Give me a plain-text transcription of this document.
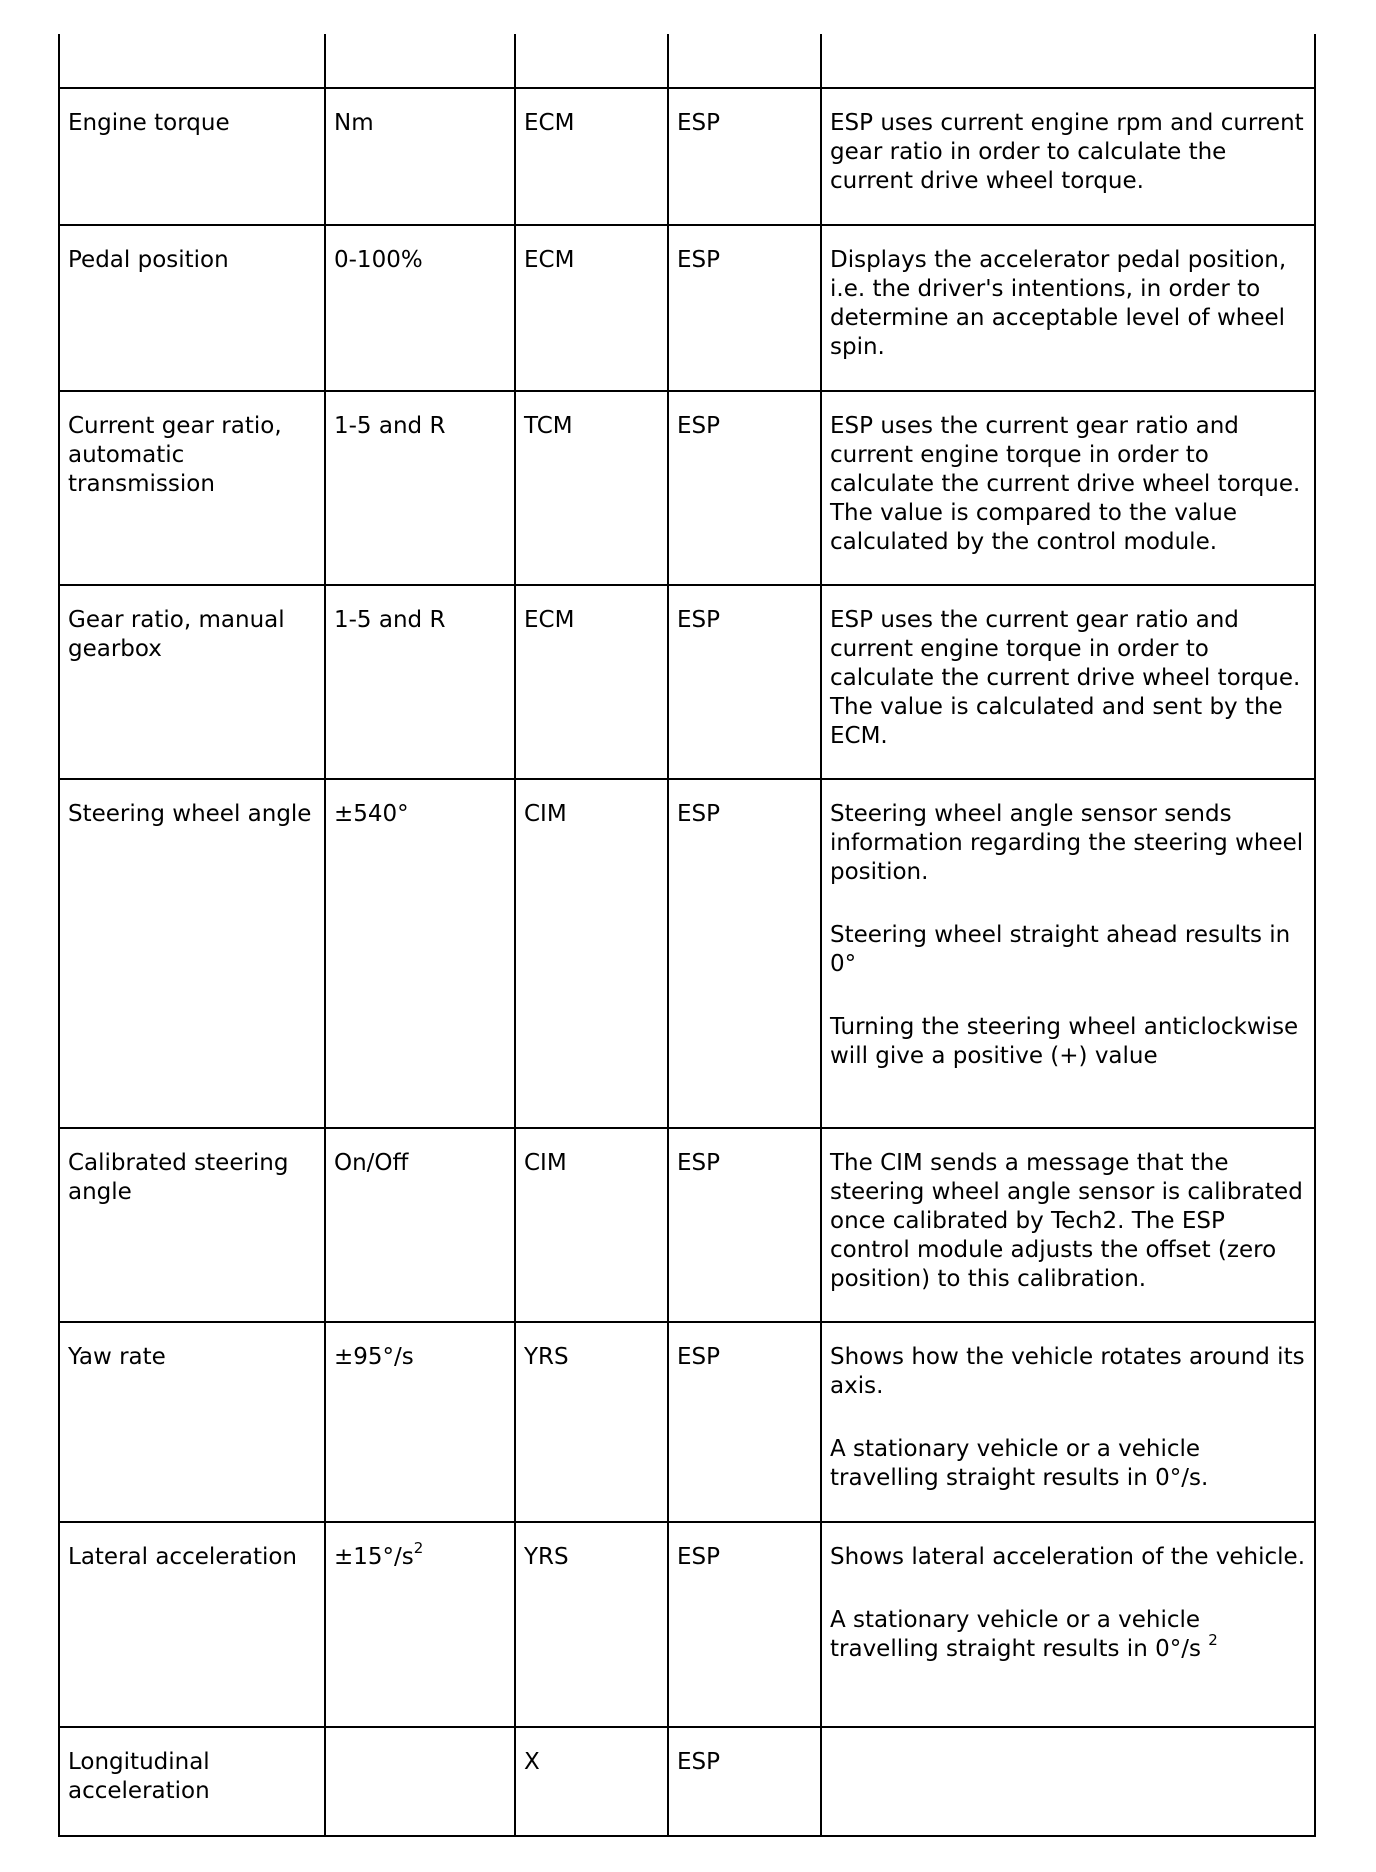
Engine torque	Nm	ECM	ESP	ESP uses current engine rpm and current gear ratio in order to calculate the current drive wheel torque.

Pedal position	0-100%	ECM	ESP	Displays the accelerator pedal position, i.e. the driver's intentions, in order to determine an acceptable level of wheel spin.

Current gear ratio, automatic transmission	1-5 and R	TCM	ESP	ESP uses the current gear ratio and current engine torque in order to calculate the current drive wheel torque. The value is compared to the value calculated by the control module.

Gear ratio, manual gearbox	1-5 and R	ECM	ESP	ESP uses the current gear ratio and current engine torque in order to calculate the current drive wheel torque. The value is calculated and sent by the ECM.

Steering wheel angle	±540°	CIM	ESP	Steering wheel angle sensor sends information regarding the steering wheel position.

Steering wheel straight ahead results in 0°

Turning the steering wheel anticlockwise will give a positive (+) value

Calibrated steering angle	On/Off	CIM	ESP	The CIM sends a message that the steering wheel angle sensor is calibrated once calibrated by Tech2. The ESP control module adjusts the offset (zero position) to this calibration.

Yaw rate	±95°/s	YRS	ESP	Shows how the vehicle rotates around its axis.

A stationary vehicle or a vehicle travelling straight results in 0°/s.

Lateral acceleration	$\pm 15^\circ/s^2$	YRS	ESP	Shows lateral acceleration of the vehicle.

A stationary vehicle or a vehicle travelling straight results in 0°/s $^2$

Longitudinal acceleration		X	ESP	
